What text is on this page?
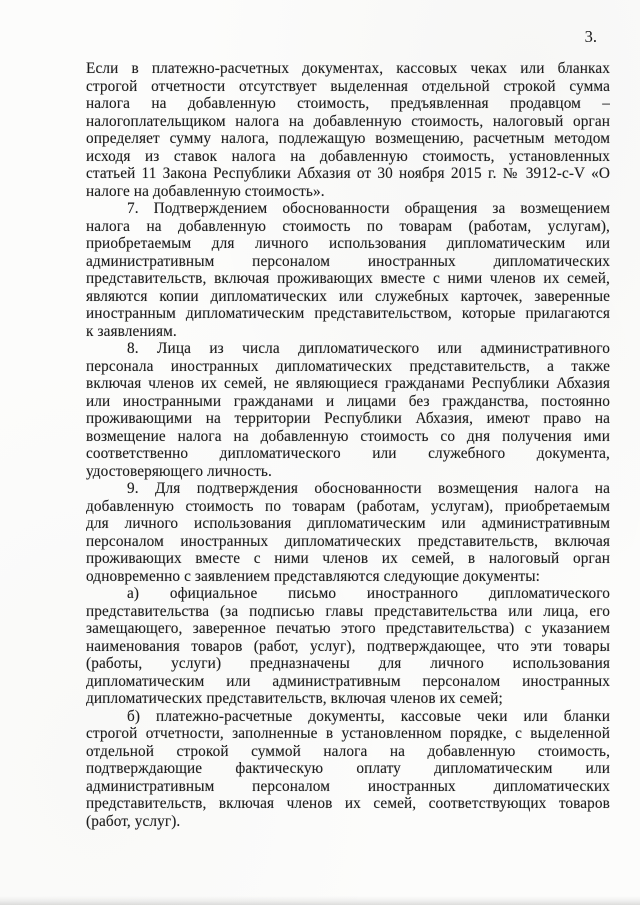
3.
Если в платежно-расчетных документах, кассовых чеках или бланках
строгой отчетности отсутствует выделенная отдельной строкой сумма
налога на добавленную стоимость, предъявленная продавцом –
налогоплательщиком налога на добавленную стоимость, налоговый орган
определяет сумму налога, подлежащую возмещению, расчетным методом
исходя из ставок налога на добавленную стоимость, установленных
статьей 11 Закона Республики Абхазия от 30 ноября 2015 г. № 3912-с-V «О
налоге на добавленную стоимость».
7. Подтверждением обоснованности обращения за возмещением
налога на добавленную стоимость по товарам (работам, услугам),
приобретаемым для личного использования дипломатическим или
административным персоналом иностранных дипломатических
представительств, включая проживающих вместе с ними членов их семей,
являются копии дипломатических или служебных карточек, заверенные
иностранным дипломатическим представительством, которые прилагаются
к заявлениям.
8. Лица из числа дипломатического или административного
персонала иностранных дипломатических представительств, а также
включая членов их семей, не являющиеся гражданами Республики Абхазия
или иностранными гражданами и лицами без гражданства, постоянно
проживающими на территории Республики Абхазия, имеют право на
возмещение налога на добавленную стоимость со дня получения ими
соответственно дипломатического или служебного документа,
удостоверяющего личность.
9. Для подтверждения обоснованности возмещения налога на
добавленную стоимость по товарам (работам, услугам), приобретаемым
для личного использования дипломатическим или административным
персоналом иностранных дипломатических представительств, включая
проживающих вместе с ними членов их семей, в налоговый орган
одновременно с заявлением представляются следующие документы:
а) официальное письмо иностранного дипломатического
представительства (за подписью главы представительства или лица, его
замещающего, заверенное печатью этого представительства) с указанием
наименования товаров (работ, услуг), подтверждающее, что эти товары
(работы, услуги) предназначены для личного использования
дипломатическим или административным персоналом иностранных
дипломатических представительств, включая членов их семей;
б) платежно-расчетные документы, кассовые чеки или бланки
строгой отчетности, заполненные в установленном порядке, с выделенной
отдельной строкой суммой налога на добавленную стоимость,
подтверждающие фактическую оплату дипломатическим или
административным персоналом иностранных дипломатических
представительств, включая членов их семей, соответствующих товаров
(работ, услуг).
